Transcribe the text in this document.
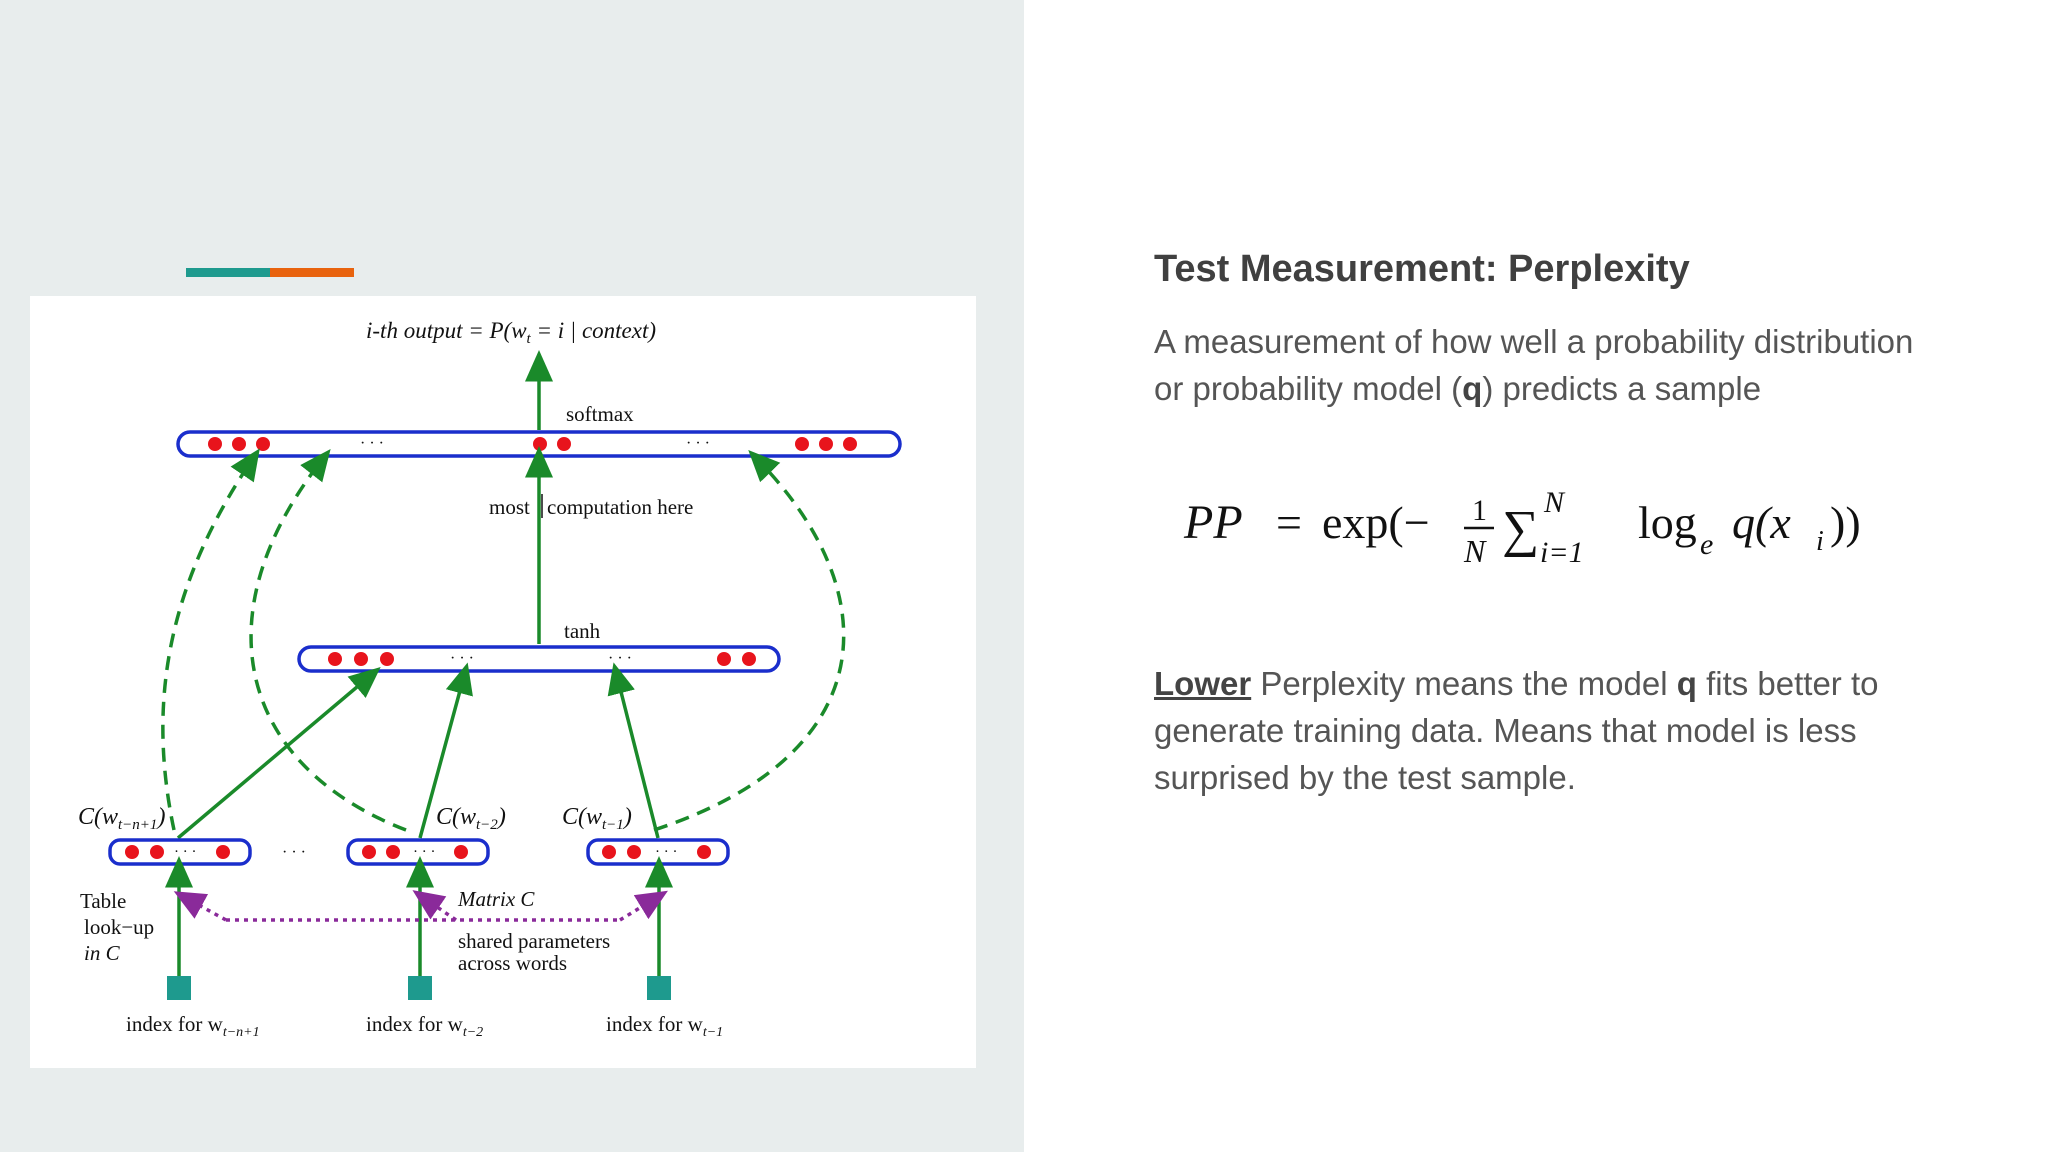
i-th output = $P(w_t = i$ | context)
softmax
· · ·	· · ·
most computation here
tanh
· · ·	· · ·
$C(w_{t-n+1})$	$C(w_{t-2})$ $C(w_{t-1})$
· · ·	· · ·	· · ·
· · ·
Table
look−up
in C
Matrix C
shared parameters
across words
index for $w_{t-n+1}$	index for $w_{t-2}$	index for $w_{t-1}$
Test Measurement: Perplexity

A measurement of how well a probability distribution or probability model (q) predicts a sample

PP = exp(− 1
N ∑ N
i=1
log e q(x i ))

Lower Perplexity means the model q fits better to generate training data. Means that model is less surprised by the test sample.
